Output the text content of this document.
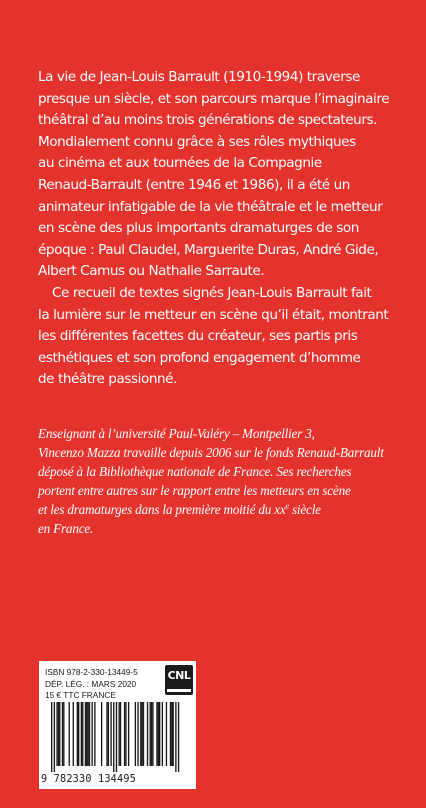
La vie de Jean-Louis Barrault (1910-1994) traverse
presque un siècle, et son parcours marque l’imaginaire
théâtral d’au moins trois générations de spectateurs.
Mondialement connu grâce à ses rôles mythiques
au cinéma et aux tournées de la Compagnie
Renaud-Barrault (entre 1946 et 1986), il a été un
animateur infatigable de la vie théâtrale et le metteur
en scène des plus importants dramaturges de son
époque : Paul Claudel, Marguerite Duras, André Gide,
Albert Camus ou Nathalie Sarraute.

Ce recueil de textes signés Jean-Louis Barrault fait
la lumière sur le metteur en scène qu’il était, montrant
les différentes facettes du créateur, ses partis pris
esthétiques et son profond engagement d’homme
de théâtre passionné.

Enseignant à l’université Paul-Valéry – Montpellier 3,
Vincenzo Mazza travaille depuis 2006 sur le fonds Renaud-Barrault
déposé à la Bibliothèque nationale de France. Ses recherches
portent entre autres sur le rapport entre les metteurs en scène
et les dramaturges dans la première moitié du $xx^e$ siècle
en France.

ISBN 978-2-330-13449-5
DÉP. LÉG. : MARS 2020
15 € TTC FRANCE
CNL
9 782330 134495
